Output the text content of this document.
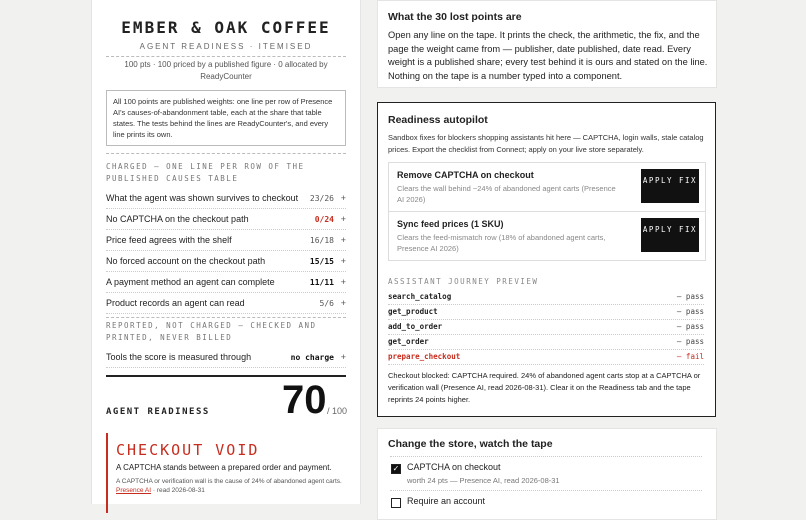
EMBER & OAK COFFEE
AGENT READINESS · ITEMISED
100 pts · 100 priced by a published figure · 0 allocated by ReadyCounter
All 100 points are published weights: one line per row of Presence AI's causes-of-abandonment table, each at the share that table states. The tests behind the lines are ReadyCounter's, and every line prints its own.
CHARGED — ONE LINE PER ROW OF THE PUBLISHED CAUSES TABLE
What the agent was shown survives to checkout	23/26 +
No CAPTCHA on the checkout path	0/24 +
Price feed agrees with the shelf	16/18 +
No forced account on the checkout path	15/15 +
A payment method an agent can complete	11/11 +
Product records an agent can read	5/6 +
REPORTED, NOT CHARGED — CHECKED AND PRINTED, NEVER BILLED
Tools the score is measured through	no charge +
AGENT READINESS 70 / 100
CHECKOUT VOID
A CAPTCHA stands between a prepared order and payment.
A CAPTCHA or verification wall is the cause of 24% of abandoned agent carts.
Presence AI · read 2026-08-31
What the 30 lost points are

Open any line on the tape. It prints the check, the arithmetic, the fix, and the page the weight came from — publisher, date published, date read. Every weight is a published share; every test behind it is ours and stated on the line. Nothing on the tape is a number typed into a component.

Readiness autopilot
Sandbox fixes for blockers shopping assistants hit here — CAPTCHA, login walls, stale catalog prices. Export the checklist from Connect; apply on your live store separately.
Remove CAPTCHA on checkout
Clears the wall behind ~24% of abandoned agent carts (Presence AI 2026)
APPLY FIX
Sync feed prices (1 SKU)
Clears the feed-mismatch row (18% of abandoned agent carts, Presence AI 2026)
APPLY FIX
ASSISTANT JOURNEY PREVIEW
search_catalog	— pass
get_product	— pass
add_to_order	— pass
get_order	— pass
prepare_checkout	— fail
Checkout blocked: CAPTCHA required. 24% of abandoned agent carts stop at a CAPTCHA or verification wall (Presence AI, read 2026-08-31). Clear it on the Readiness tab and the tape reprints 24 points higher.
Change the store, watch the tape
✓ CAPTCHA on checkout
worth 24 pts — Presence AI, read 2026-08-31
Require an account
